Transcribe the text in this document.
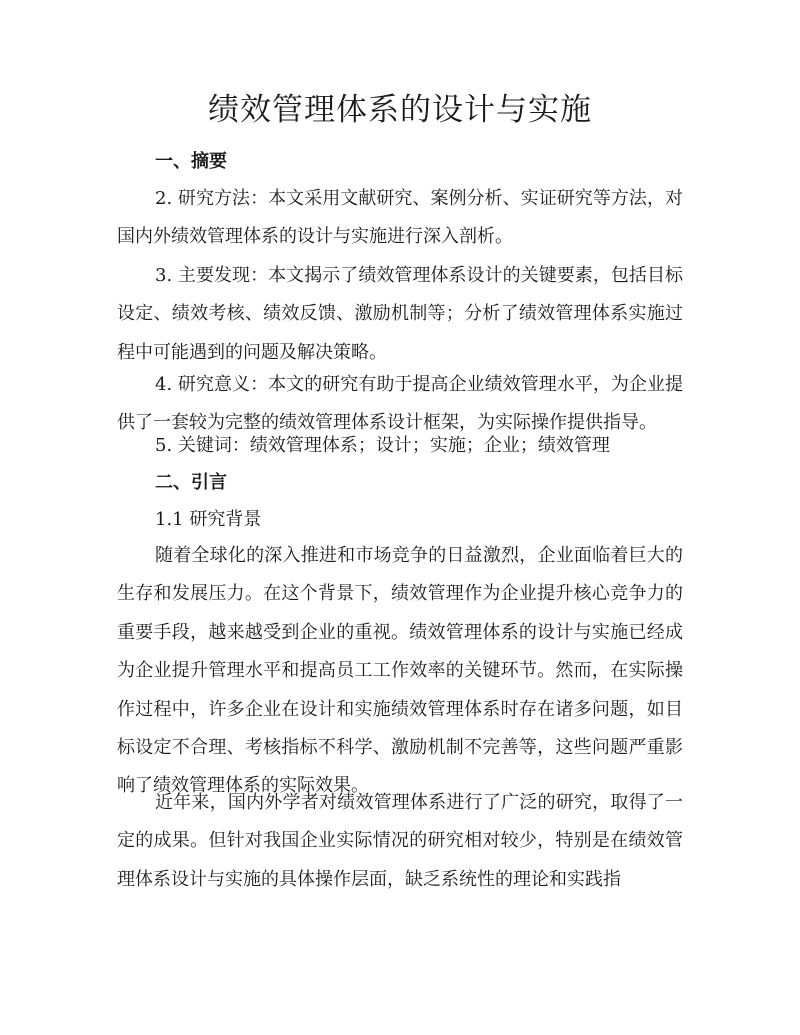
绩效管理体系的设计与实施
一、摘要

2. 研究方法：本文采用文献研究、案例分析、实证研究等方法，对国内外绩效管理体系的设计与实施进行深入剖析。

3. 主要发现：本文揭示了绩效管理体系设计的关键要素，包括目标设定、绩效考核、绩效反馈、激励机制等；分析了绩效管理体系实施过程中可能遇到的问题及解决策略。

4. 研究意义：本文的研究有助于提高企业绩效管理水平，为企业提供了一套较为完整的绩效管理体系设计框架，为实际操作提供指导。

5. 关键词：绩效管理体系；设计；实施；企业；绩效管理

二、引言
1.1 研究背景

随着全球化的深入推进和市场竞争的日益激烈，企业面临着巨大的生存和发展压力。在这个背景下，绩效管理作为企业提升核心竞争力的重要手段，越来越受到企业的重视。绩效管理体系的设计与实施已经成为企业提升管理水平和提高员工工作效率的关键环节。然而，在实际操作过程中，许多企业在设计和实施绩效管理体系时存在诸多问题，如目标设定不合理、考核指标不科学、激励机制不完善等，这些问题严重影响了绩效管理体系的实际效果。

近年来，国内外学者对绩效管理体系进行了广泛的研究，取得了一定的成果。但针对我国企业实际情况的研究相对较少，特别是在绩效管理体系设计与实施的具体操作层面，缺乏系统性的理论和实践指
